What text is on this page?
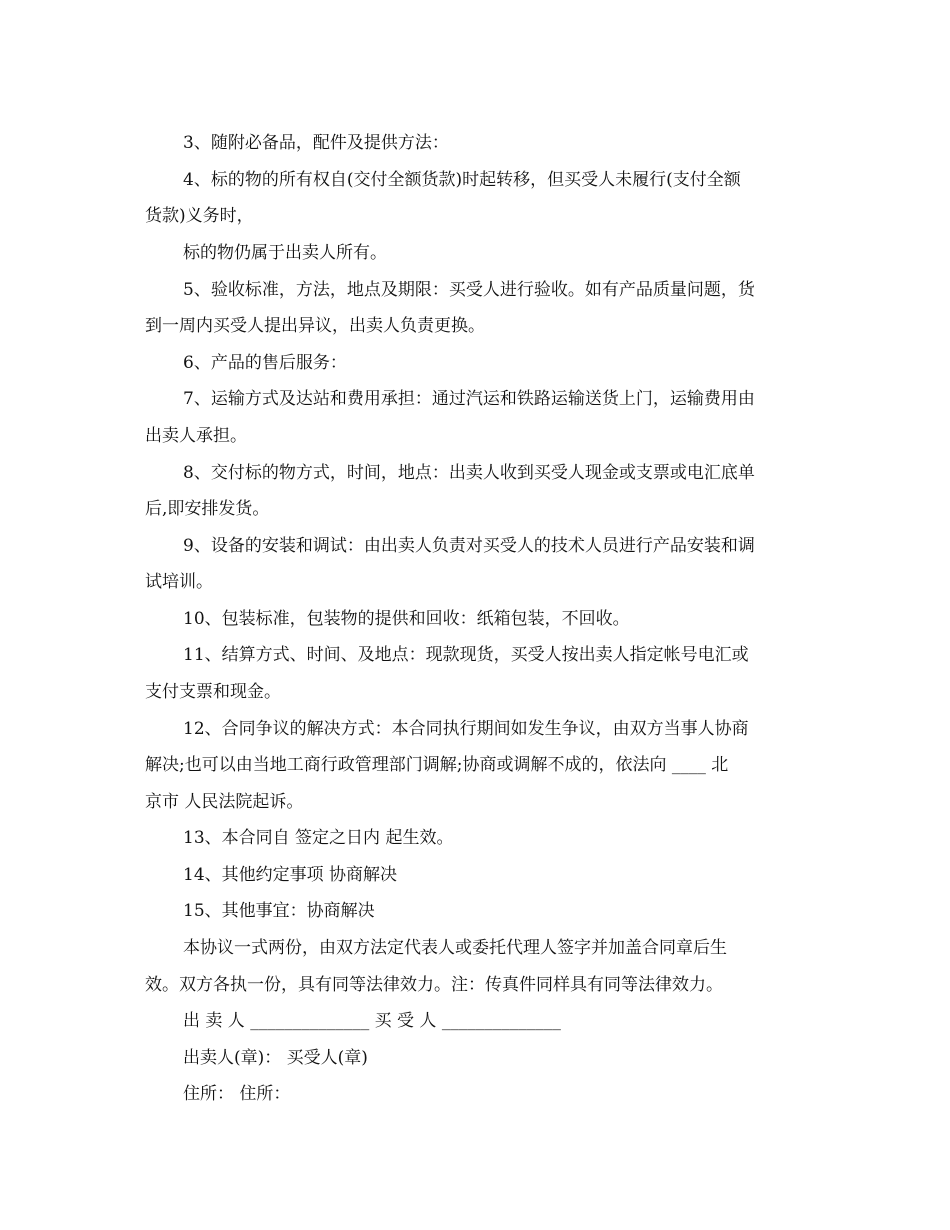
3、随附必备品，配件及提供方法：
4、标的物的所有权自(交付全额货款)时起转移，但买受人未履行(支付全额
货款)义务时，
标的物仍属于出卖人所有。
5、验收标准，方法，地点及期限：买受人进行验收。如有产品质量问题，货
到一周内买受人提出异议，出卖人负责更换。
6、产品的售后服务：
7、运输方式及达站和费用承担：通过汽运和铁路运输送货上门，运输费用由
出卖人承担。
8、交付标的物方式，时间，地点：出卖人收到买受人现金或支票或电汇底单
后,即安排发货。
9、设备的安装和调试：由出卖人负责对买受人的技术人员进行产品安装和调
试培训。
10、包装标准，包装物的提供和回收：纸箱包装，不回收。
11、结算方式、时间、及地点：现款现货，买受人按出卖人指定帐号电汇或
支付支票和现金。
12、合同争议的解决方式：本合同执行期间如发生争议，由双方当事人协商
解决;也可以由当地工商行政管理部门调解;协商或调解不成的，依法向 ____ 北
京市 人民法院起诉。
13、本合同自 签定之日内 起生效。
14、其他约定事项 协商解决
15、其他事宜：协商解决
本协议一式两份，由双方法定代表人或委托代理人签字并加盖合同章后生
效。双方各执一份，具有同等法律效力。注：传真件同样具有同等法律效力。
出 卖 人 ______________ 买 受 人 ______________
出卖人(章)： 买受人(章)
住所： 住所：
